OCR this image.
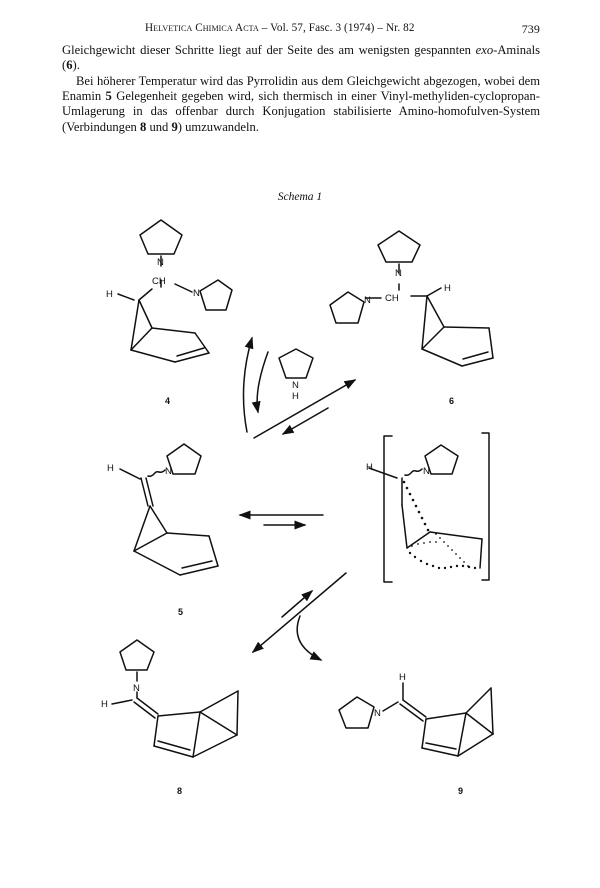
Helvetica Chimica Acta – Vol. 57, Fasc. 3 (1974) – Nr. 82	739
Gleichgewicht dieser Schritte liegt auf der Seite des am wenigsten gespannten exo-Aminals (6).
Bei höherer Temperatur wird das Pyrrolidin aus dem Gleichgewicht abgezogen, wobei dem Enamin 5 Gelegenheit gegeben wird, sich thermisch in einer Vinyl-methyliden-cyclopropan-Umlagerung in das offenbar durch Konjugation stabilisierte Amino-homofulven-System (Verbindungen 8 und 9) umzuwandeln.
Schema 1
N
CH
N
H
4
N
CH
N
H
6
N
H
N
H
5
N
H
N
H
8
N
H
9
